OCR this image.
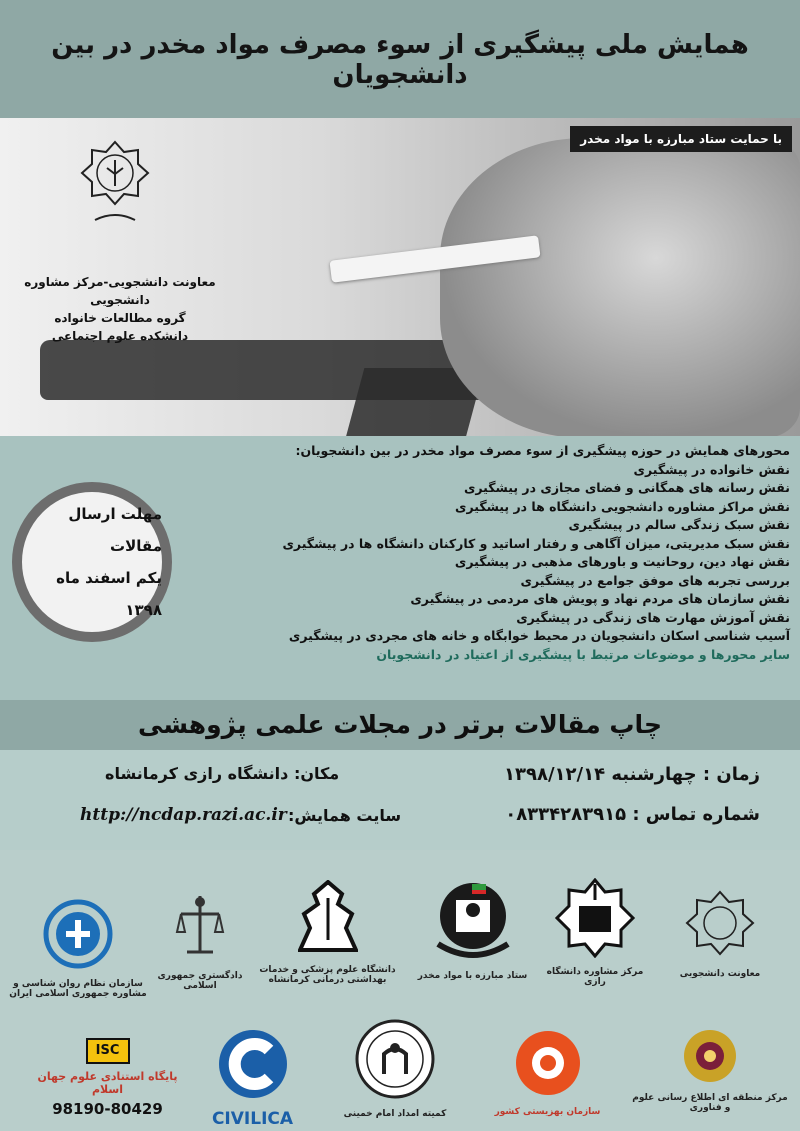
همایش ملی پیشگیری از سوء مصرف مواد مخدر در بین دانشجویان
با حمایت ستاد مبارزه با مواد مخدر
معاونت دانشجویی-مرکز مشاوره دانشجویی
گروه مطالعات خانواده
دانشکده علوم اجتماعی
محورهای همایش در حوزه پیشگیری از سوء مصرف مواد مخدر در بین دانشجویان:
نقش خانواده در پیشگیری
نقش رسانه های همگانی و فضای مجازی در پیشگیری
نقش مراکز مشاوره دانشجویی دانشگاه ها در پیشگیری
نقش سبک زندگی سالم در پیشگیری
نقش سبک مدیریتی، میزان آگاهی و رفتار اساتید و کارکنان دانشگاه ها در پیشگیری
نقش نهاد دین، روحانیت و باورهای مذهبی در پیشگیری
بررسی تجربه های موفق جوامع در پیشگیری
نقش سازمان های مردم نهاد و پویش های مردمی در پیشگیری
نقش آموزش مهارت های زندگی در پیشگیری
آسیب شناسی اسکان دانشجویان در محیط خوابگاه و خانه های مجردی در پیشگیری
سایر محورها و موضوعات مرتبط با پیشگیری از اعتیاد در دانشجویان
مهلت ارسال مقالات
یکم اسفند ماه ۱۳۹۸
چاپ مقالات برتر در مجلات علمی پژوهشی
زمان : چهارشنبه ۱۳۹۸/۱۲/۱۴
مکان: دانشگاه رازی کرمانشاه
شماره تماس : ۰۸۳۳۴۲۸۳۹۱۵
سایت همایش:
http://ncdap.razi.ac.ir
معاونت دانشجویی
مرکز مشاوره دانشگاه رازی
ستاد مبارزه با مواد مخدر
دانشگاه علوم پزشکی و خدمات بهداشتی درمانی کرمانشاه
دادگستری جمهوری اسلامی
سازمان نظام روان شناسی و مشاوره جمهوری اسلامی ایران
مرکز منطقه ای اطلاع رسانی علوم و فناوری
سازمان بهزیستی کشور
کمیته امداد امام خمینی
CIVILICA
ISC
پایگاه استنادی علوم جهان اسلام
98190-80429
